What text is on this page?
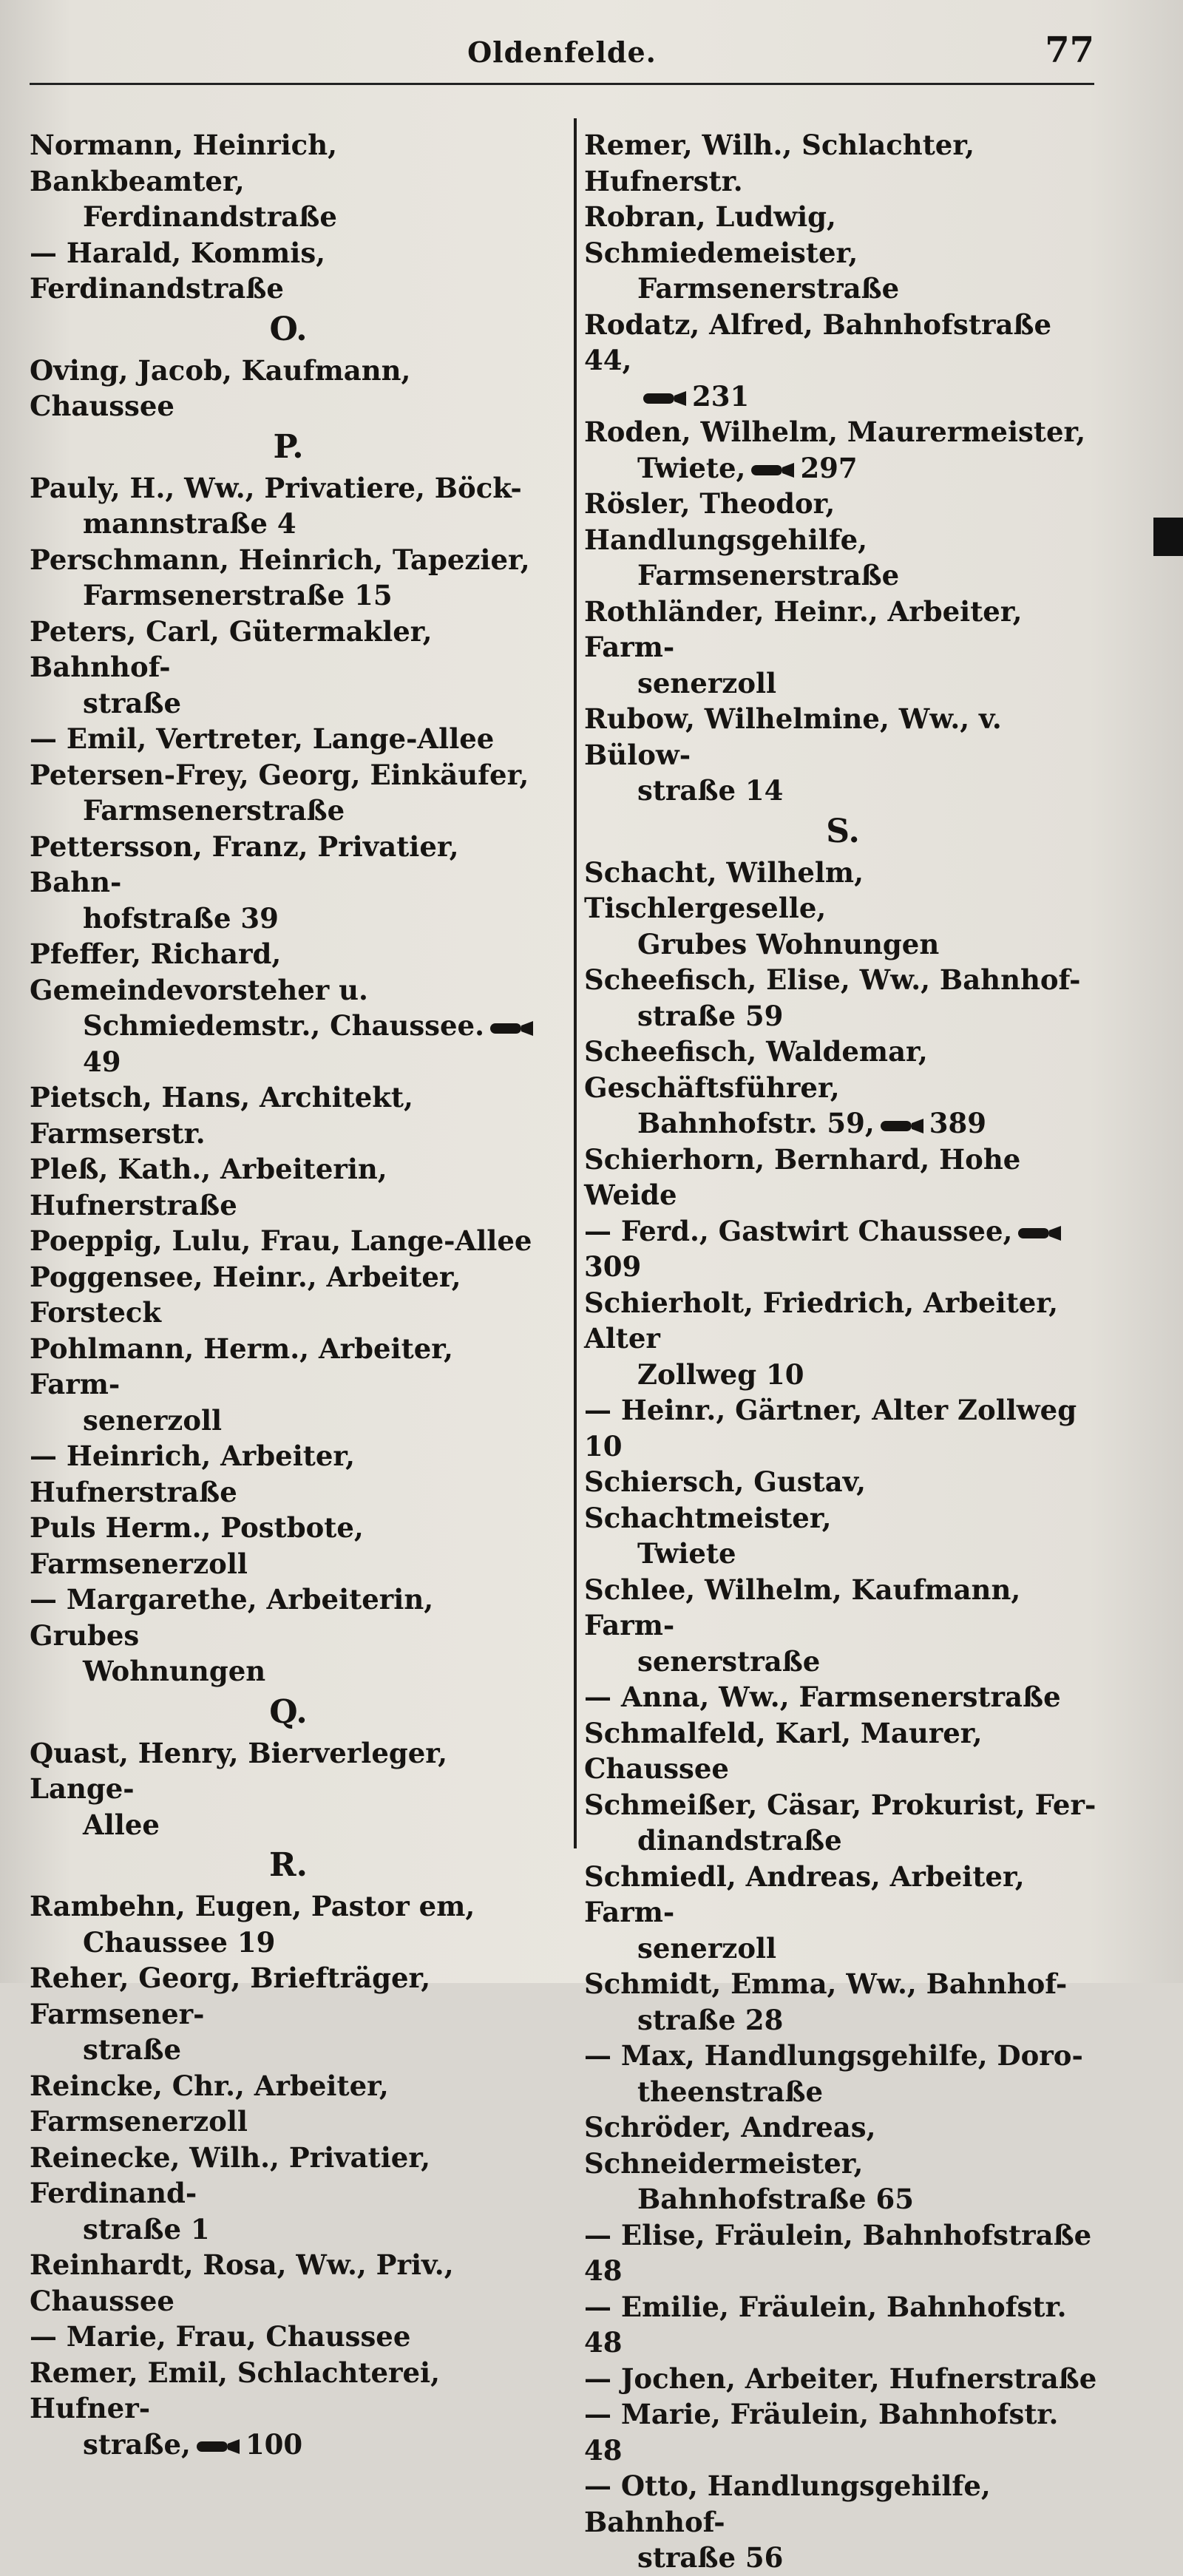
Oldenfelde.	77
Normann, Heinrich, Bankbeamter,
Ferdinandstraße
— Harald, Kommis, Ferdinandstraße
O.
Oving, Jacob, Kaufmann, Chaussee
P.
Pauly, H., Ww., Privatiere, Böck-
mannstraße 4
Perschmann, Heinrich, Tapezier,
Farmsenerstraße 15
Peters, Carl, Gütermakler, Bahnhof-
straße
— Emil, Vertreter, Lange-Allee
Petersen-Frey, Georg, Einkäufer,
Farmsenerstraße
Pettersson, Franz, Privatier, Bahn-
hofstraße 39
Pfeffer, Richard, Gemeindevorsteher u.
Schmiedemstr., Chaussee.49
Pietsch, Hans, Architekt, Farmserstr.
Pleß, Kath., Arbeiterin, Hufnerstraße
Poeppig, Lulu, Frau, Lange-Allee
Poggensee, Heinr., Arbeiter, Forsteck
Pohlmann, Herm., Arbeiter, Farm-
senerzoll
— Heinrich, Arbeiter, Hufnerstraße
Puls Herm., Postbote, Farmsenerzoll
— Margarethe, Arbeiterin, Grubes
Wohnungen
Q.
Quast, Henry, Bierverleger, Lange-
Allee
R.
Rambehn, Eugen, Pastor em,
Chaussee 19
Reher, Georg, Briefträger, Farmsener-
straße
Reincke, Chr., Arbeiter, Farmsenerzoll
Reinecke, Wilh., Privatier, Ferdinand-
straße 1
Reinhardt, Rosa, Ww., Priv., Chaussee
— Marie, Frau, Chaussee
Remer, Emil, Schlachterei, Hufner-
straße, 100
Remer, Wilh., Schlachter, Hufnerstr.
Robran, Ludwig, Schmiedemeister,
Farmsenerstraße
Rodatz, Alfred, Bahnhofstraße 44,
231
Roden, Wilhelm, Maurermeister,
Twiete, 297
Rösler, Theodor, Handlungsgehilfe,
Farmsenerstraße
Rothländer, Heinr., Arbeiter, Farm-
senerzoll
Rubow, Wilhelmine, Ww., v. Bülow-
straße 14
S.
Schacht, Wilhelm, Tischlergeselle,
Grubes Wohnungen
Scheefisch, Elise, Ww., Bahnhof-
straße 59
Scheefisch, Waldemar, Geschäftsführer,
Bahnhofstr. 59, 389
Schierhorn, Bernhard, Hohe Weide
— Ferd., Gastwirt Chaussee,309
Schierholt, Friedrich, Arbeiter, Alter
Zollweg 10
— Heinr., Gärtner, Alter Zollweg 10
Schiersch, Gustav, Schachtmeister,
Twiete
Schlee, Wilhelm, Kaufmann, Farm-
senerstraße
— Anna, Ww., Farmsenerstraße
Schmalfeld, Karl, Maurer, Chaussee
Schmeißer, Cäsar, Prokurist, Fer-
dinandstraße
Schmiedl, Andreas, Arbeiter, Farm-
senerzoll
Schmidt, Emma, Ww., Bahnhof-
straße 28
— Max, Handlungsgehilfe, Doro-
theenstraße
Schröder, Andreas, Schneidermeister,
Bahnhofstraße 65
— Elise, Fräulein, Bahnhofstraße 48
— Emilie, Fräulein, Bahnhofstr. 48
— Jochen, Arbeiter, Hufnerstraße
— Marie, Fräulein, Bahnhofstr. 48
— Otto, Handlungsgehilfe, Bahnhof-
straße 56
